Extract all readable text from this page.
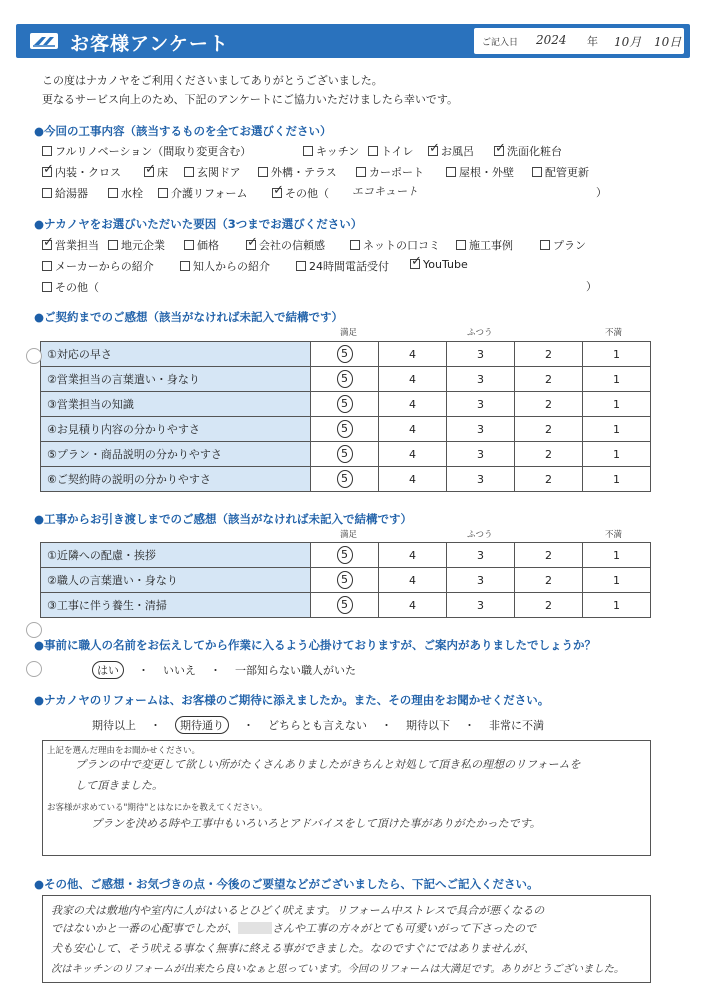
お客様アンケート	ご記入日 2024 年 10月 10日
この度はナカノヤをご利用くださいましてありがとうございました。
更なるサービス向上のため、下記のアンケートにご協力いただけましたら幸いです。
●今回の工事内容（該当するものを全てお選びください）
フルリノベーション（間取り変更含む）	キッチン	トイレ ✓	お風呂 ✓	洗面化粧台
✓内装・クロス ✓	床	玄関ドア	外構・テラス	カーポート	屋根・外壁	配管更新
給湯器	水栓	介護リフォーム ✓	その他（ エコキュート	）
●ナカノヤをお選びいただいた要因（3つまでお選びください）
✓営業担当	地元企業	価格 ✓	会社の信頼感	ネットの口コミ	施工事例	プラン
メーカーからの紹介	知人からの紹介	24時間電話受付 ✓	YouTube
その他（	）
●ご契約までのご感想（該当がなければ未記入で結構です）
満足	ふつう	不満
①対応の早さ	5	4	3	2	1
②営業担当の言葉遣い・身なり	5	4	3	2	1
③営業担当の知識	5	4	3	2	1
④お見積り内容の分かりやすさ	5	4	3	2	1
⑤プラン・商品説明の分かりやすさ	5	4	3	2	1
⑥ご契約時の説明の分かりやすさ	5	4	3	2	1
●工事からお引き渡しまでのご感想（該当がなければ未記入で結構です）
満足	ふつう	不満
①近隣への配慮・挨拶	5	4	3	2	1
②職人の言葉遣い・身なり	5	4	3	2	1
③工事に伴う養生・清掃	5	4	3	2	1
●事前に職人の名前をお伝えしてから作業に入るよう心掛けておりますが、ご案内がありましたでしょうか？
はい ・ いいえ ・ 一部知らない職人がいた
●ナカノヤのリフォームは、お客様のご期待に添えましたか。また、その理由をお聞かせください。
期待以上 ・ 期待通り ・ どちらとも言えない ・ 期待以下 ・ 非常に不満
上記を選んだ理由をお聞かせください。
プランの中で変更して欲しい所がたくさんありましたがきちんと対処して頂き私の理想のリフォームを
して頂きました。
お客様が求めている"期待"とはなにかを教えてください。
プランを決める時や工事中もいろいろとアドバイスをして頂けた事がありがたかったです。
●その他、ご感想・お気づきの点・今後のご要望などがございましたら、下記へご記入ください。
我家の犬は敷地内や室内に人がはいるとひどく吠えます。リフォーム中ストレスで具合が悪くなるの
ではないかと一番の心配事でしたが、	さんや工事の方々がとても可愛いがって下さったので
犬も安心して、そう吠える事なく無事に終える事ができました。なのですぐにではありませんが、
次はキッチンのリフォームが出来たら良いなぁと思っています。今回のリフォームは大満足です。ありがとうございました。
